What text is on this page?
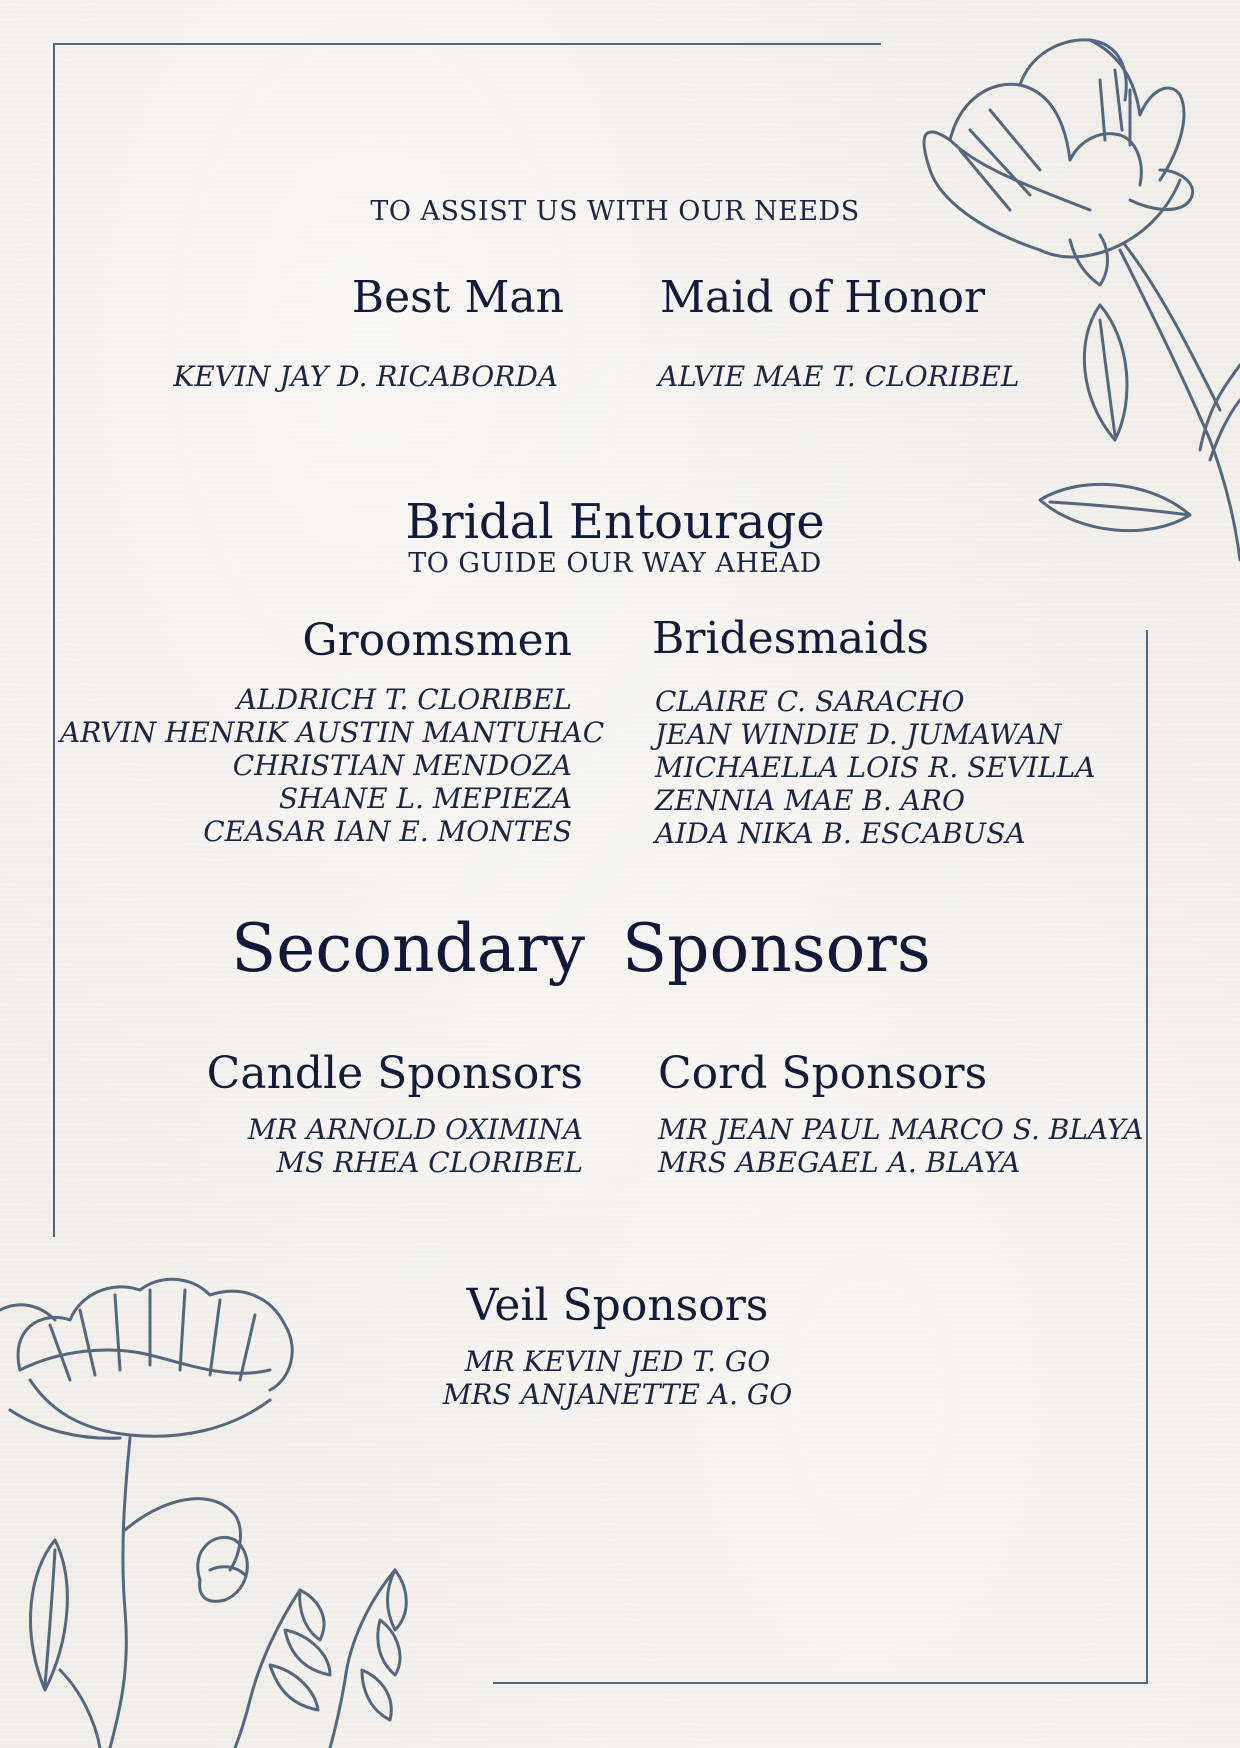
TO ASSIST US WITH OUR NEEDS
Best Man Maid of Honor
KEVIN JAY D. RICABORDA	ALVIE MAE T. CLORIBEL
Bridal Entourage
TO GUIDE OUR WAY AHEAD
Groomsmen Bridesmaids
ALDRICH T. CLORIBEL
ARVIN HENRIK AUSTIN MANTUHAC
CHRISTIAN MENDOZA
SHANE L. MEPIEZA
CEASAR IAN E. MONTES
CLAIRE C. SARACHO
JEAN WINDIE D. JUMAWAN
MICHAELLA LOIS R. SEVILLA
ZENNIA MAE B. ARO
AIDA NIKA B. ESCABUSA
Secondary Sponsors
Candle Sponsors Cord Sponsors
MR ARNOLD OXIMINA
MS RHEA CLORIBEL
MR JEAN PAUL MARCO S. BLAYA
MRS ABEGAEL A. BLAYA
Veil Sponsors
MR KEVIN JED T. GO
MRS ANJANETTE A. GO
